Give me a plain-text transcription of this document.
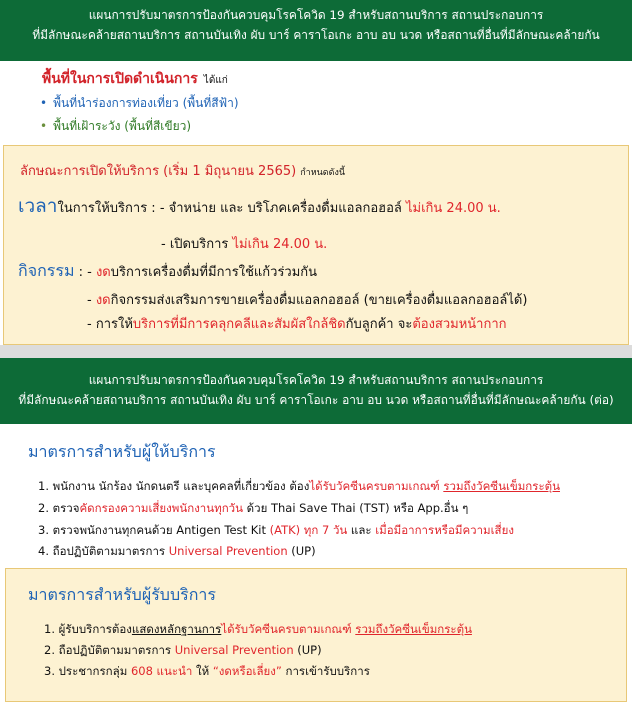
แผนการปรับมาตรการป้องกันควบคุมโรคโควิด 19 สำหรับสถานบริการ สถานประกอบการ
ที่มีลักษณะคล้ายสถานบริการ สถานบันเทิง ผับ บาร์ คาราโอเกะ อาบ อบ นวด หรือสถานที่อื่นที่มีลักษณะคล้ายกัน
พื้นที่ในการเปิดดำเนินการ ได้แก่
• พื้นที่นำร่องการท่องเที่ยว (พื้นที่สีฟ้า)
• พื้นที่เฝ้าระวัง (พื้นที่สีเขียว)
ลักษณะการเปิดให้บริการ (เริ่ม 1 มิถุนายน 2565) กำหนดดังนี้
เวลาในการให้บริการ : - จำหน่าย และ บริโภคเครื่องดื่มแอลกอฮอล์ ไม่เกิน 24.00 น.
- เปิดบริการ ไม่เกิน 24.00 น.
กิจกรรม : - งดบริการเครื่องดื่มที่มีการใช้แก้วร่วมกัน
- งดกิจกรรมส่งเสริมการขายเครื่องดื่มแอลกอฮอล์ (ขายเครื่องดื่มแอลกอฮอล์ได้)
- การให้บริการที่มีการคลุกคลีและสัมผัสใกล้ชิดกับลูกค้า จะต้องสวมหน้ากาก
แผนการปรับมาตรการป้องกันควบคุมโรคโควิด 19 สำหรับสถานบริการ สถานประกอบการ
ที่มีลักษณะคล้ายสถานบริการ สถานบันเทิง ผับ บาร์ คาราโอเกะ อาบ อบ นวด หรือสถานที่อื่นที่มีลักษณะคล้ายกัน (ต่อ)
มาตรการสำหรับผู้ให้บริการ
1. พนักงาน นักร้อง นักดนตรี และบุคคลที่เกี่ยวข้อง ต้องได้รับวัคซีนครบตามเกณฑ์ รวมถึงวัคซีนเข็มกระตุ้น
2. ตรวจคัดกรองความเสี่ยงพนักงานทุกวัน ด้วย Thai Save Thai (TST) หรือ App.อื่น ๆ
3. ตรวจพนักงานทุกคนด้วย Antigen Test Kit (ATK) ทุก 7 วัน และ เมื่อมีอาการหรือมีความเสี่ยง
4. ถือปฏิบัติตามมาตรการ Universal Prevention (UP)
มาตรการสำหรับผู้รับบริการ
1. ผู้รับบริการต้องแสดงหลักฐานการได้รับวัคซีนครบตามเกณฑ์ รวมถึงวัคซีนเข็มกระตุ้น
2. ถือปฏิบัติตามมาตรการ Universal Prevention (UP)
3. ประชากรกลุ่ม 608 แนะนำ ให้ “งดหรือเลี่ยง” การเข้ารับบริการ
